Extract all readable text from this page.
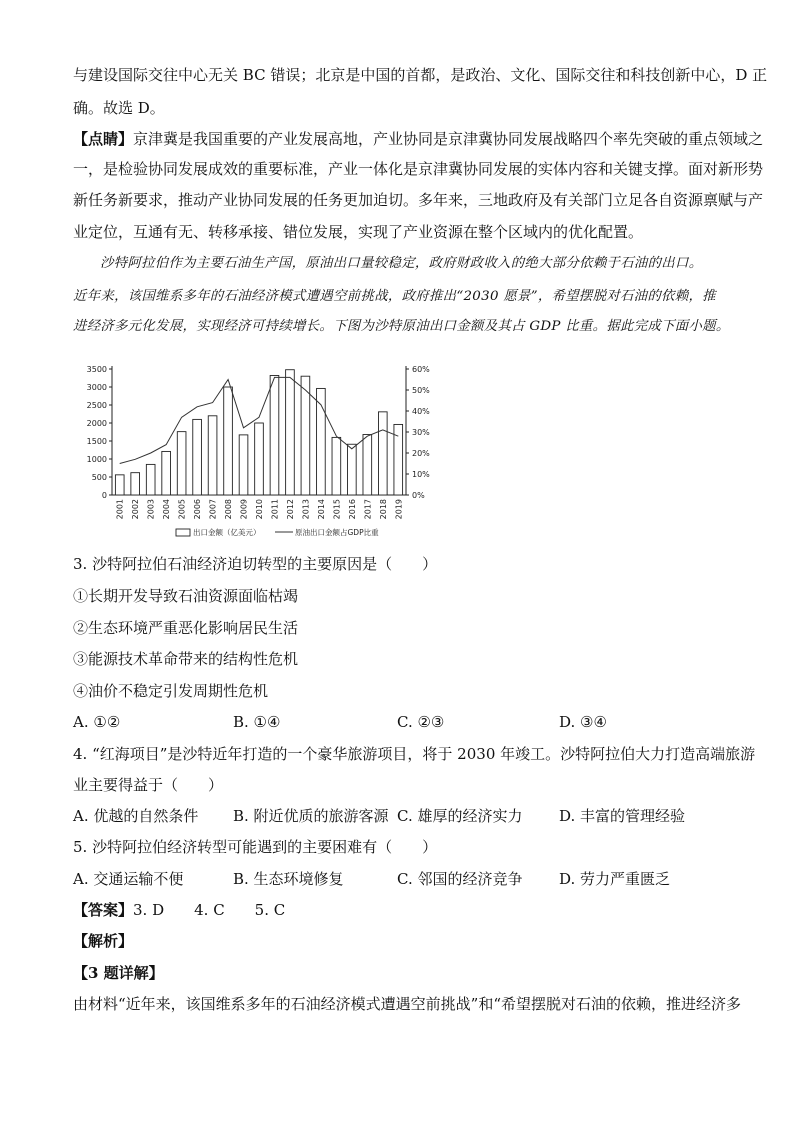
与建设国际交往中心无关 BC 错误；北京是中国的首都，是政治、文化、国际交往和科技创新中心，D 正
确。故选 D。
【点睛】京津冀是我国重要的产业发展高地，产业协同是京津冀协同发展战略四个率先突破的重点领域之
一，是检验协同发展成效的重要标准，产业一体化是京津冀协同发展的实体内容和关键支撑。面对新形势
新任务新要求，推动产业协同发展的任务更加迫切。多年来，三地政府及有关部门立足各自资源禀赋与产
业定位，互通有无、转移承接、错位发展，实现了产业资源在整个区域内的优化配置。
沙特阿拉伯作为主要石油生产国，原油出口量较稳定，政府财政收入的绝大部分依赖于石油的出口。
近年来，该国维系多年的石油经济模式遭遇空前挑战，政府推出“2030 愿景”，希望摆脱对石油的依赖，推
进经济多元化发展，实现经济可持续增长。下图为沙特原油出口金额及其占 GDP 比重。据此完成下面小题。
0
500
1000
1500
2000
2500
3000
3500
0%
10%
20%
30%
40%
50%
60%
2001 2002 2003 2004 2005 2006 2007 2008 2009 2010 2011 2012 2013 2014 2015 2016 2017 2018 2019
出口金额（亿美元）	原油出口金额占GDP比重
3. 沙特阿拉伯石油经济迫切转型的主要原因是（　　）
①长期开发导致石油资源面临枯竭
②生态环境严重恶化影响居民生活
③能源技术革命带来的结构性危机
④油价不稳定引发周期性危机
A. ①②	B. ①④	C. ②③	D. ③④
4. “红海项目”是沙特近年打造的一个豪华旅游项目，将于 2030 年竣工。沙特阿拉伯大力打造高端旅游
业主要得益于（　　）
A. 优越的自然条件 B. 附近优质的旅游客源 C. 雄厚的经济实力 D. 丰富的管理经验
5. 沙特阿拉伯经济转型可能遇到的主要困难有（　　）
A. 交通运输不便	B. 生态环境修复	C. 邻国的经济竞争 D. 劳力严重匮乏
【答案】3. D　　4. C　　5. C
【解析】
【3 题详解】
由材料“近年来，该国维系多年的石油经济模式遭遇空前挑战”和“希望摆脱对石油的依赖，推进经济多
